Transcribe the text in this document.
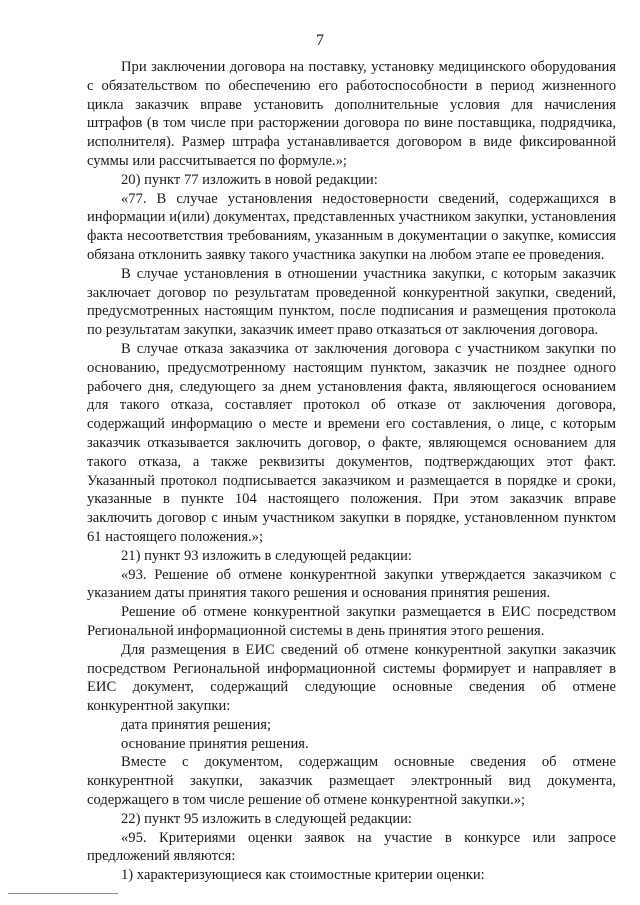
7

При заключении договора на поставку, установку медицинского оборудования с обязательством по обеспечению его работоспособности в период жизненного цикла заказчик вправе установить дополнительные условия для начисления штрафов (в том числе при расторжении договора по вине поставщика, подрядчика, исполнителя). Размер штрафа устанавливается договором в виде фиксированной суммы или рассчитывается по формуле.»;

20) пункт 77 изложить в новой редакции:

«77. В случае установления недостоверности сведений, содержащихся в информации и(или) документах, представленных участником закупки, установления факта несоответствия требованиям, указанным в документации о закупке, комиссия обязана отклонить заявку такого участника закупки на любом этапе ее проведения.

В случае установления в отношении участника закупки, с которым заказчик заключает договор по результатам проведенной конкурентной закупки, сведений, предусмотренных настоящим пунктом, после подписания и размещения протокола по результатам закупки, заказчик имеет право отказаться от заключения договора.

В случае отказа заказчика от заключения договора с участником закупки по основанию, предусмотренному настоящим пунктом, заказчик не позднее одного рабочего дня, следующего за днем установления факта, являющегося основанием для такого отказа, составляет протокол об отказе от заключения договора, содержащий информацию о месте и времени его составления, о лице, с которым заказчик отказывается заключить договор, о факте, являющемся основанием для такого отказа, а также реквизиты документов, подтверждающих этот факт. Указанный протокол подписывается заказчиком и размещается в порядке и сроки, указанные в пункте 104 настоящего положения. При этом заказчик вправе заключить договор с иным участником закупки в порядке, установленном пунктом 61 настоящего положения.»;

21) пункт 93 изложить в следующей редакции:

«93. Решение об отмене конкурентной закупки утверждается заказчиком с указанием даты принятия такого решения и основания принятия решения.

Решение об отмене конкурентной закупки размещается в ЕИС посредством Региональной информационной системы в день принятия этого решения.

Для размещения в ЕИС сведений об отмене конкурентной закупки заказчик посредством Региональной информационной системы формирует и направляет в ЕИС документ, содержащий следующие основные сведения об отмене конкурентной закупки:

дата принятия решения;

основание принятия решения.

Вместе с документом, содержащим основные сведения об отмене конкурентной закупки, заказчик размещает электронный вид документа, содержащего в том числе решение об отмене конкурентной закупки.»;

22) пункт 95 изложить в следующей редакции:

«95. Критериями оценки заявок на участие в конкурсе или запросе предложений являются:

1) характеризующиеся как стоимостные критерии оценки:
